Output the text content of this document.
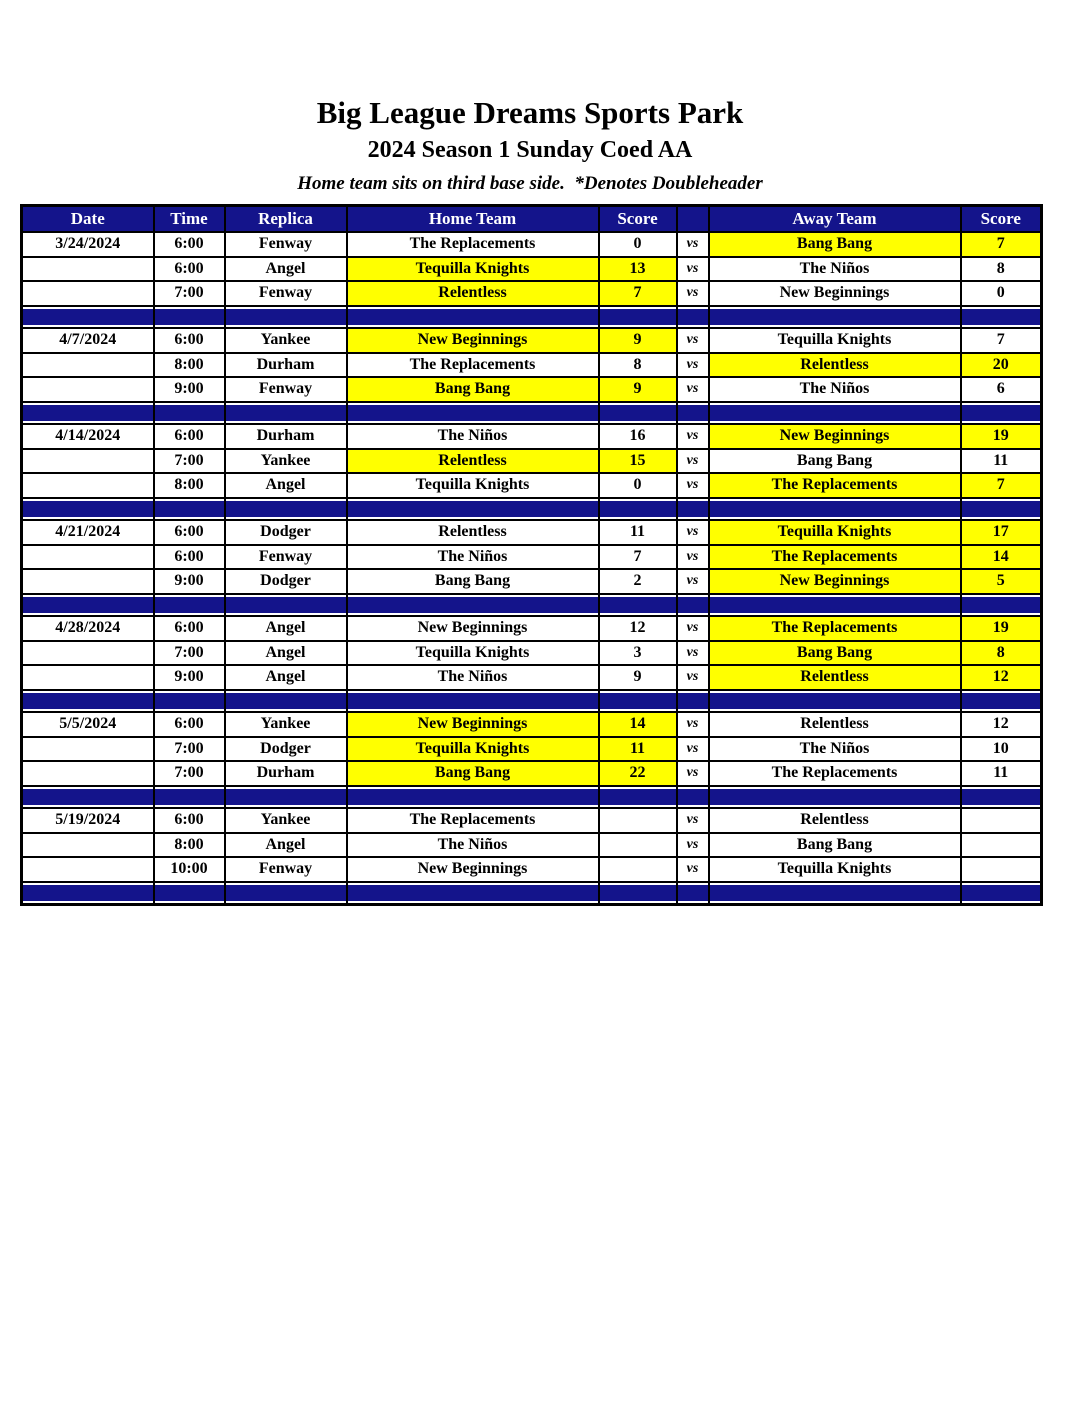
Big League Dreams Sports Park
2024 Season 1 Sunday Coed AA
Home team sits on third base side.  *Denotes Doubleheader
Date	Time	Replica	Home Team	Score		Away Team	Score
3/24/2024	6:00	Fenway	The Replacements	0	vs	Bang Bang	7
	6:00	Angel	Tequilla Knights	13	vs	The Niños	8
	7:00	Fenway	Relentless	7	vs	New Beginnings	0

4/7/2024	6:00	Yankee	New Beginnings	9	vs	Tequilla Knights	7
	8:00	Durham	The Replacements	8	vs	Relentless	20
	9:00	Fenway	Bang Bang	9	vs	The Niños	6

4/14/2024	6:00	Durham	The Niños	16	vs	New Beginnings	19
	7:00	Yankee	Relentless	15	vs	Bang Bang	11
	8:00	Angel	Tequilla Knights	0	vs	The Replacements	7

4/21/2024	6:00	Dodger	Relentless	11	vs	Tequilla Knights	17
	6:00	Fenway	The Niños	7	vs	The Replacements	14
	9:00	Dodger	Bang Bang	2	vs	New Beginnings	5

4/28/2024	6:00	Angel	New Beginnings	12	vs	The Replacements	19
	7:00	Angel	Tequilla Knights	3	vs	Bang Bang	8
	9:00	Angel	The Niños	9	vs	Relentless	12

5/5/2024	6:00	Yankee	New Beginnings	14	vs	Relentless	12
	7:00	Dodger	Tequilla Knights	11	vs	The Niños	10
	7:00	Durham	Bang Bang	22	vs	The Replacements	11

5/19/2024	6:00	Yankee	The Replacements		vs	Relentless	
	8:00	Angel	The Niños		vs	Bang Bang	
	10:00	Fenway	New Beginnings		vs	Tequilla Knights	
